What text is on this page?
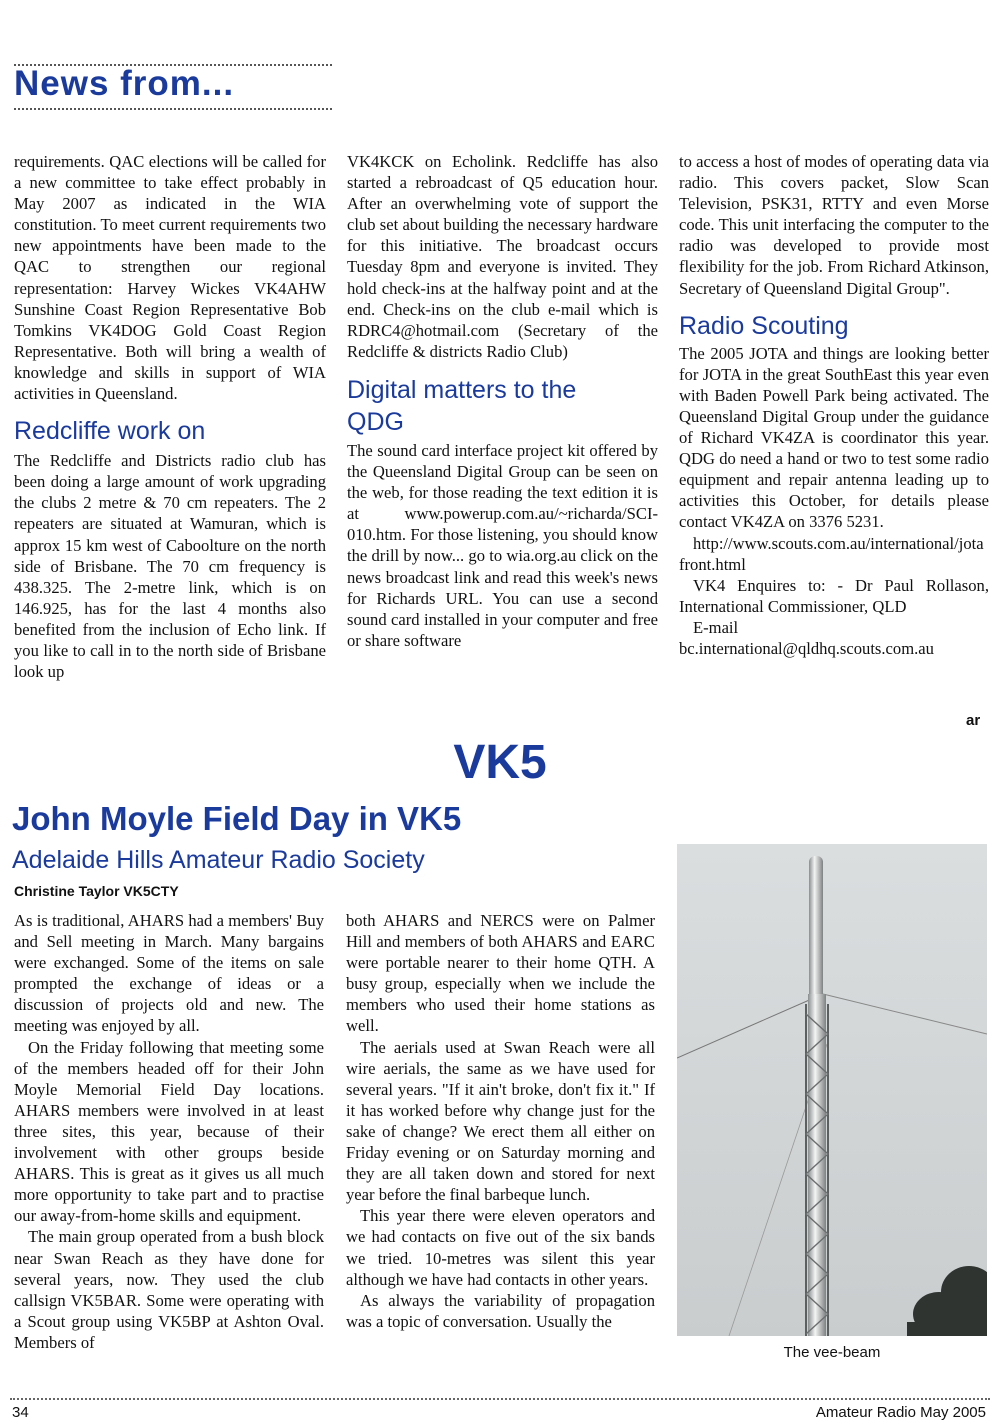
News from...
requirements. QAC elections will be called for a new committee to take effect probably in May 2007 as indicated in the WIA constitution. To meet current requirements two new appointments have been made to the QAC to strengthen our regional representation: Harvey Wickes VK4AHW Sunshine Coast Region Representative Bob Tomkins VK4DOG Gold Coast Region Representative. Both will bring a wealth of knowledge and skills in support of WIA activities in Queensland.
Redcliffe work on
The Redcliffe and Districts radio club has been doing a large amount of work upgrading the clubs 2 metre & 70 cm repeaters. The 2 repeaters are situated at Wamuran, which is approx 15 km west of Caboolture on the north side of Brisbane. The 70 cm frequency is 438.325. The 2-metre link, which is on 146.925, has for the last 4 months also benefited from the inclusion of Echo link. If you like to call in to the north side of Brisbane look up
VK4KCK on Echolink. Redcliffe has also started a rebroadcast of Q5 education hour. After an overwhelming vote of support the club set about building the necessary hardware for this initiative. The broadcast occurs Tuesday 8pm and everyone is invited. They hold check-ins at the halfway point and at the end. Check-ins on the club e-mail which is RDRC4@hotmail.com (Secretary of the Redcliffe & districts Radio Club)
Digital matters to the QDG
The sound card interface project kit offered by the Queensland Digital Group can be seen on the web, for those reading the text edition it is at www.powerup.com.au/~richarda/SCI-010.htm. For those listening, you should know the drill by now... go to wia.org.au click on the news broadcast link and read this week's news for Richards URL. You can use a second sound card installed in your computer and free or share software
to access a host of modes of operating data via radio. This covers packet, Slow Scan Television, PSK31, RTTY and even Morse code. This unit interfacing the computer to the radio was developed to provide most flexibility for the job. From Richard Atkinson, Secretary of Queensland Digital Group".
Radio Scouting
The 2005 JOTA and things are looking better for JOTA in the great SouthEast this year even with Baden Powell Park being activated. The Queensland Digital Group under the guidance of Richard VK4ZA is coordinator this year. QDG do need a hand or two to test some radio equipment and repair antenna leading up to activities this October, for details please contact VK4ZA on 3376 5231.
http://www.scouts.com.au/international/jotafront.html
VK4 Enquires to: - Dr Paul Rollason, International Commissioner, QLD
E-mail bc.international@qldhq.scouts.com.au
ar
VK5
John Moyle Field Day in VK5
Adelaide Hills Amateur Radio Society
Christine Taylor VK5CTY

As is traditional, AHARS had a members' Buy and Sell meeting in March. Many bargains were exchanged. Some of the items on sale prompted the exchange of ideas or a discussion of projects old and new. The meeting was enjoyed by all.

On the Friday following that meeting some of the members headed off for their John Moyle Memorial Field Day locations. AHARS members were involved in at least three sites, this year, because of their involvement with other groups beside AHARS. This is great as it gives us all much more opportunity to take part and to practise our away-from-home skills and equipment.

The main group operated from a bush block near Swan Reach as they have done for several years, now. They used the club callsign VK5BAR. Some were operating with a Scout group using VK5BP at Ashton Oval. Members of

both AHARS and NERCS were on Palmer Hill and members of both AHARS and EARC were portable nearer to their home QTH. A busy group, especially when we include the members who used their home stations as well.

The aerials used at Swan Reach were all wire aerials, the same as we have used for several years. "If it ain't broke, don't fix it." If it has worked before why change just for the sake of change? We erect them all either on Friday evening or on Saturday morning and they are all taken down and stored for next year before the final barbeque lunch.

This year there were eleven operators and we had contacts on five out of the six bands we tried. 10-metres was silent this year although we have had contacts in other years.

As always the variability of propagation was a topic of conversation. Usually the

The vee-beam
34	Amateur Radio May 2005
